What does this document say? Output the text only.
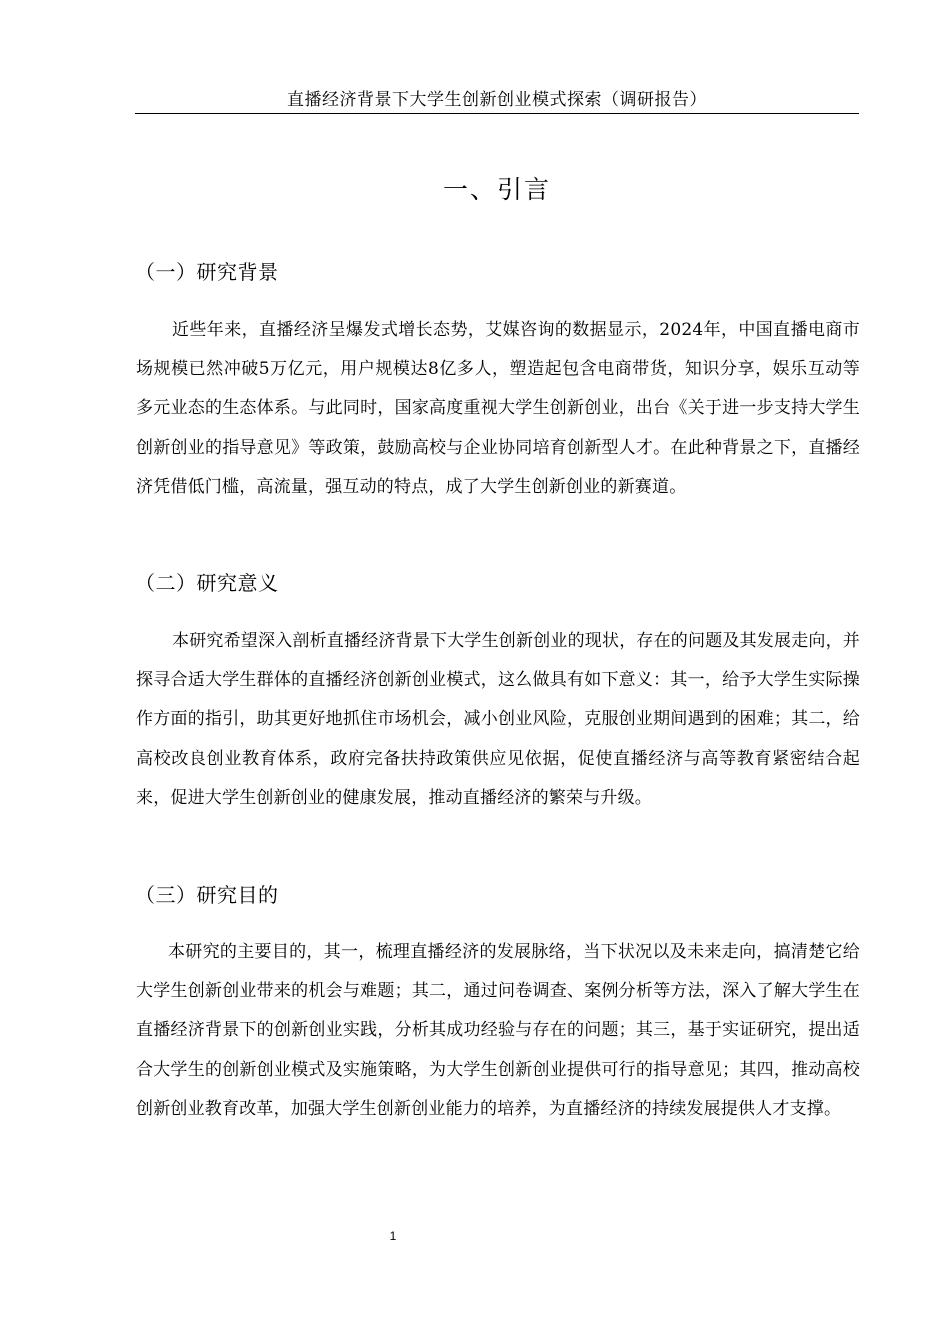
直播经济背景下大学生创新创业模式探索（调研报告）
一、引言
（一）研究背景
近些年来，直播经济呈爆发式增长态势，艾媒咨询的数据显示，2024年，中国直播电商市场规模已然冲破5万亿元，用户规模达8亿多人，塑造起包含电商带货，知识分享，娱乐互动等多元业态的生态体系。与此同时，国家高度重视大学生创新创业，出台《关于进一步支持大学生创新创业的指导意见》等政策，鼓励高校与企业协同培育创新型人才。在此种背景之下，直播经济凭借低门槛，高流量，强互动的特点，成了大学生创新创业的新赛道。
（二）研究意义
本研究希望深入剖析直播经济背景下大学生创新创业的现状，存在的问题及其发展走向，并探寻合适大学生群体的直播经济创新创业模式，这么做具有如下意义：其一，给予大学生实际操作方面的指引，助其更好地抓住市场机会，减小创业风险，克服创业期间遇到的困难；其二，给高校改良创业教育体系，政府完备扶持政策供应见依据，促使直播经济与高等教育紧密结合起来，促进大学生创新创业的健康发展，推动直播经济的繁荣与升级。
（三）研究目的
本研究的主要目的，其一，梳理直播经济的发展脉络，当下状况以及未来走向，搞清楚它给大学生创新创业带来的机会与难题；其二，通过问卷调查、案例分析等方法，深入了解大学生在直播经济背景下的创新创业实践，分析其成功经验与存在的问题；其三，基于实证研究，提出适合大学生的创新创业模式及实施策略，为大学生创新创业提供可行的指导意见；其四，推动高校创新创业教育改革，加强大学生创新创业能力的培养，为直播经济的持续发展提供人才支撑。
1
